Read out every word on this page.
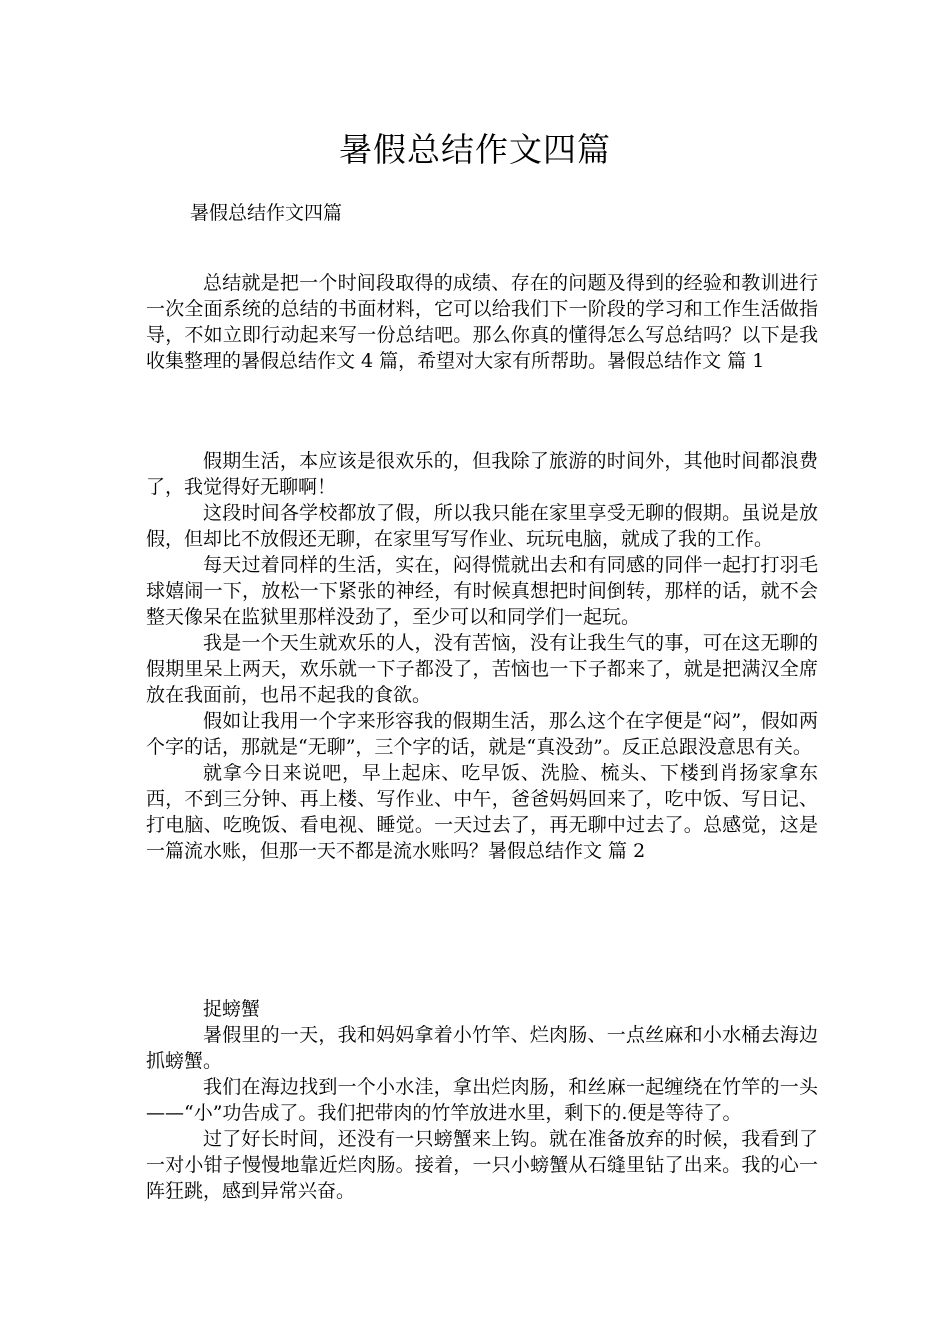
暑假总结作文四篇
暑假总结作文四篇

总结就是把一个时间段取得的成绩、存在的问题及得到的经验和教训进行一次全面系统的总结的书面材料，它可以给我们下一阶段的学习和工作生活做指导，不如立即行动起来写一份总结吧。那么你真的懂得怎么写总结吗？以下是我收集整理的暑假总结作文 4 篇，希望对大家有所帮助。暑假总结作文 篇 1

假期生活，本应该是很欢乐的，但我除了旅游的时间外，其他时间都浪费了，我觉得好无聊啊！

这段时间各学校都放了假，所以我只能在家里享受无聊的假期。虽说是放假，但却比不放假还无聊，在家里写写作业、玩玩电脑，就成了我的工作。

每天过着同样的生活，实在，闷得慌就出去和有同感的同伴一起打打羽毛球嬉闹一下，放松一下紧张的神经，有时候真想把时间倒转，那样的话，就不会整天像呆在监狱里那样没劲了，至少可以和同学们一起玩。

我是一个天生就欢乐的人，没有苦恼，没有让我生气的事，可在这无聊的假期里呆上两天，欢乐就一下子都没了，苦恼也一下子都来了，就是把满汉全席放在我面前，也吊不起我的食欲。

假如让我用一个字来形容我的假期生活，那么这个在字便是“闷”，假如两个字的话，那就是“无聊”，三个字的话，就是“真没劲”。反正总跟没意思有关。

就拿今日来说吧，早上起床、吃早饭、洗脸、梳头、下楼到肖扬家拿东西，不到三分钟、再上楼、写作业、中午，爸爸妈妈回来了，吃中饭、写日记、打电脑、吃晚饭、看电视、睡觉。一天过去了，再无聊中过去了。总感觉，这是一篇流水账，但那一天不都是流水账吗？暑假总结作文 篇 2

捉螃蟹

暑假里的一天，我和妈妈拿着小竹竿、烂肉肠、一点丝麻和小水桶去海边抓螃蟹。

我们在海边找到一个小水洼，拿出烂肉肠，和丝麻一起缠绕在竹竿的一头——“小”功告成了。我们把带肉的竹竿放进水里，剩下的.便是等待了。

过了好长时间，还没有一只螃蟹来上钩。就在准备放弃的时候，我看到了一对小钳子慢慢地靠近烂肉肠。接着，一只小螃蟹从石缝里钻了出来。我的心一阵狂跳，感到异常兴奋。
